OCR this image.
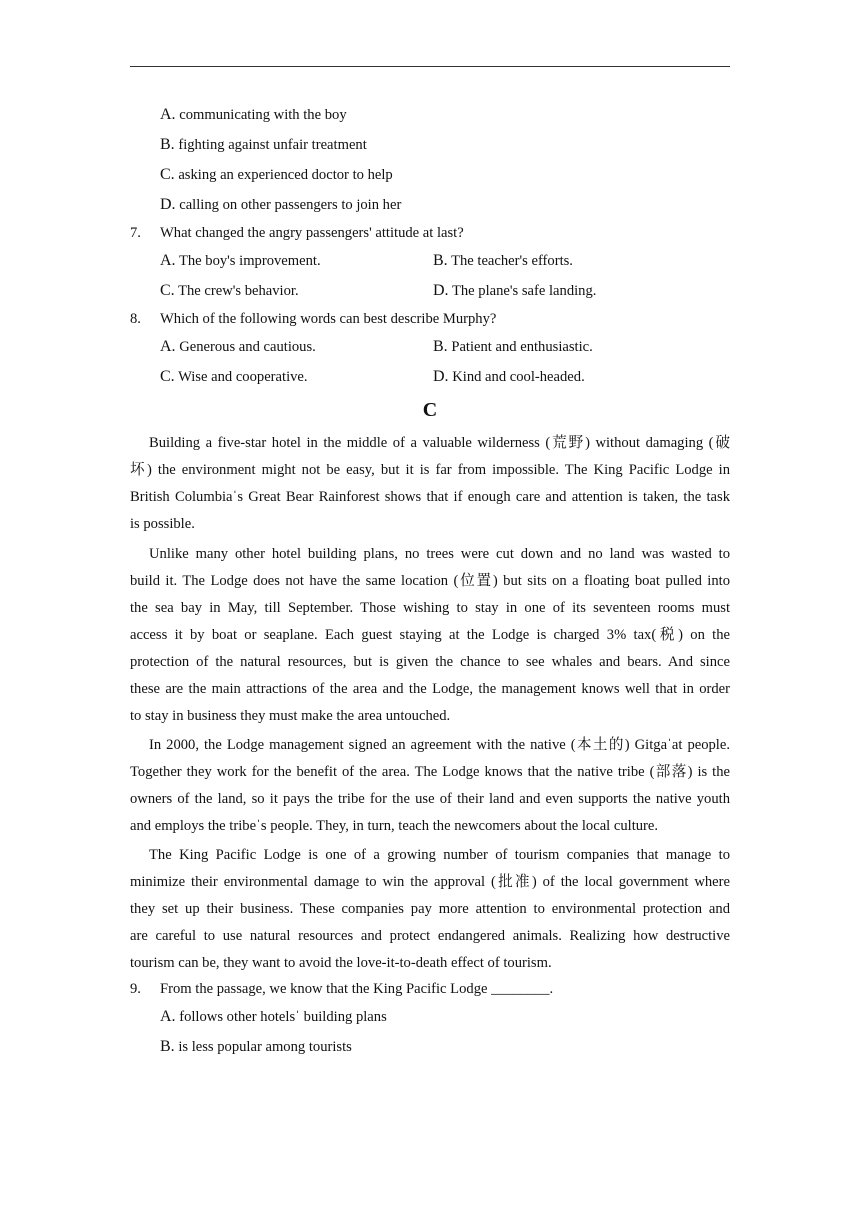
A. communicating with the boy
B. fighting against unfair treatment
C. asking an experienced doctor to help
D. calling on other passengers to join her
7. What changed the angry passengers' attitude at last?
A. The boy's improvement.	B. The teacher's efforts.
C. The crew's behavior.	D. The plane's safe landing.
8. Which of the following words can best describe Murphy?
A. Generous and cautious.	B. Patient and enthusiastic.
C. Wise and cooperative.	D. Kind and cool-headed.
C
Building a five-star hotel in the middle of a valuable wilderness (荒野) without damaging (破
坏) the environment might not be easy, but it is far from impossible. The King Pacific Lodge in
British Columbiaˈs Great Bear Rainforest shows that if enough care and attention is taken, the task
is possible.
Unlike many other hotel building plans, no trees were cut down and no land was wasted to
build it. The Lodge does not have the same location (位置) but sits on a floating boat pulled into
the sea bay in May, till September. Those wishing to stay in one of its seventeen rooms must
access it by boat or seaplane. Each guest staying at the Lodge is charged 3% tax(税) on the
protection of the natural resources, but is given the chance to see whales and bears. And since
these are the main attractions of the area and the Lodge, the management knows well that in order
to stay in business they must make the area untouched.
In 2000, the Lodge management signed an agreement with the native (本土的) Gitgaˈat people.
Together they work for the benefit of the area. The Lodge knows that the native tribe (部落) is the
owners of the land, so it pays the tribe for the use of their land and even supports the native youth
and employs the tribeˈs people. They, in turn, teach the newcomers about the local culture.
The King Pacific Lodge is one of a growing number of tourism companies that manage to
minimize their environmental damage to win the approval (批准) of the local government where
they set up their business. These companies pay more attention to environmental protection and
are careful to use natural resources and protect endangered animals. Realizing how destructive
tourism can be, they want to avoid the love-it-to-death effect of tourism.
9. From the passage, we know that the King Pacific Lodge ________.
A. follows other hotelsˈ building plans
B. is less popular among tourists
